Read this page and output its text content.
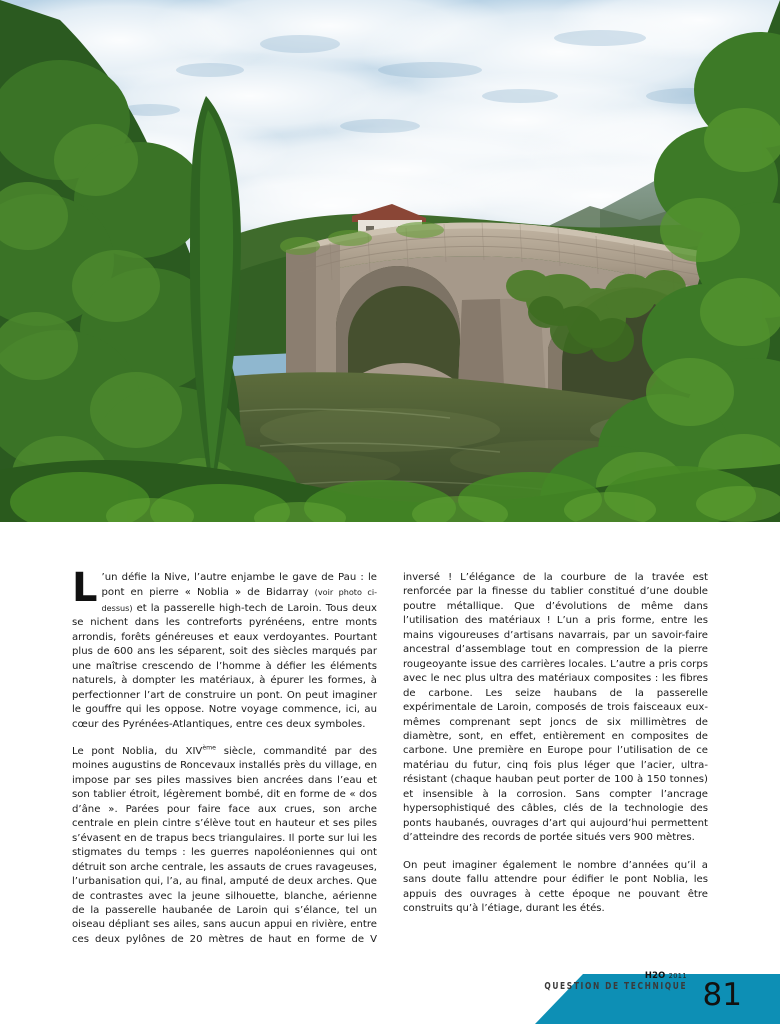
L ’un défie la Nive, l’autre enjambe le gave de Pau : le pont en pierre « Noblia » de Bidarray (voir photo ci-dessus) et la passerelle high-tech de Laroin. Tous deux se nichent dans les contreforts pyrénéens, entre monts arrondis, forêts généreuses et eaux verdoyantes. Pourtant plus de 600 ans les séparent, soit des siècles marqués par une maîtrise crescendo de l’homme à défier les éléments naturels, à dompter les matériaux, à épurer les formes, à perfectionner l’art de construire un pont. On peut imaginer le gouffre qui les oppose. Notre voyage commence, ici, au cœur des Pyrénées-Atlantiques, entre ces deux symboles.

Le pont Noblia, du XIVème siècle, commandité par des moines augustins de Roncevaux installés près du village, en impose par ses piles massives bien ancrées dans l’eau et son tablier étroit, légèrement bombé, dit en forme de « dos d’âne ». Parées pour faire face aux crues, son arche centrale en plein cintre s’élève tout en hauteur et ses piles s’évasent en de trapus becs triangulaires. Il porte sur lui les stigmates du temps : les guerres napoléoniennes qui ont détruit son arche centrale, les assauts de crues ravageuses, l’urbanisation qui, l’a, au final, amputé de deux arches. Que de contrastes avec la jeune silhouette, blanche, aérienne de la passerelle haubanée de Laroin qui s’élance, tel un oiseau dépliant ses ailes, sans aucun appui en rivière, entre ces deux pylônes de 20 mètres de haut en forme de V inversé ! L’élégance de la courbure de la travée est renforcée par la finesse du tablier constitué d’une double poutre métallique. Que d’évolutions de même dans l’utilisation des matériaux ! L’un a pris forme, entre les mains vigoureuses d’artisans navarrais, par un savoir-faire ancestral d’assemblage tout en compression de la pierre rougeoyante issue des carrières locales. L’autre a pris corps avec le nec plus ultra des matériaux composites : les fibres de carbone. Les seize haubans de la passerelle expérimentale de Laroin, composés de trois faisceaux eux-mêmes comprenant sept joncs de six millimètres de diamètre, sont, en effet, entièrement en composites de carbone. Une première en Europe pour l’utilisation de ce matériau du futur, cinq fois plus léger que l’acier, ultra-résistant (chaque hauban peut porter de 100 à 150 tonnes) et insensible à la corrosion. Sans compter l’ancrage hypersophistiqué des câbles, clés de la technologie des ponts haubanés, ouvrages d’art qui aujourd’hui permettent d’atteindre des records de portée situés vers 900 mètres.

On peut imaginer également le nombre d’années qu’il a sans doute fallu attendre pour édifier le pont Noblia, les appuis des ouvrages à cette époque ne pouvant être construits qu’à l’étiage, durant les étés.

QUESTION DE TECHNIQUE
H2O 2011
81
